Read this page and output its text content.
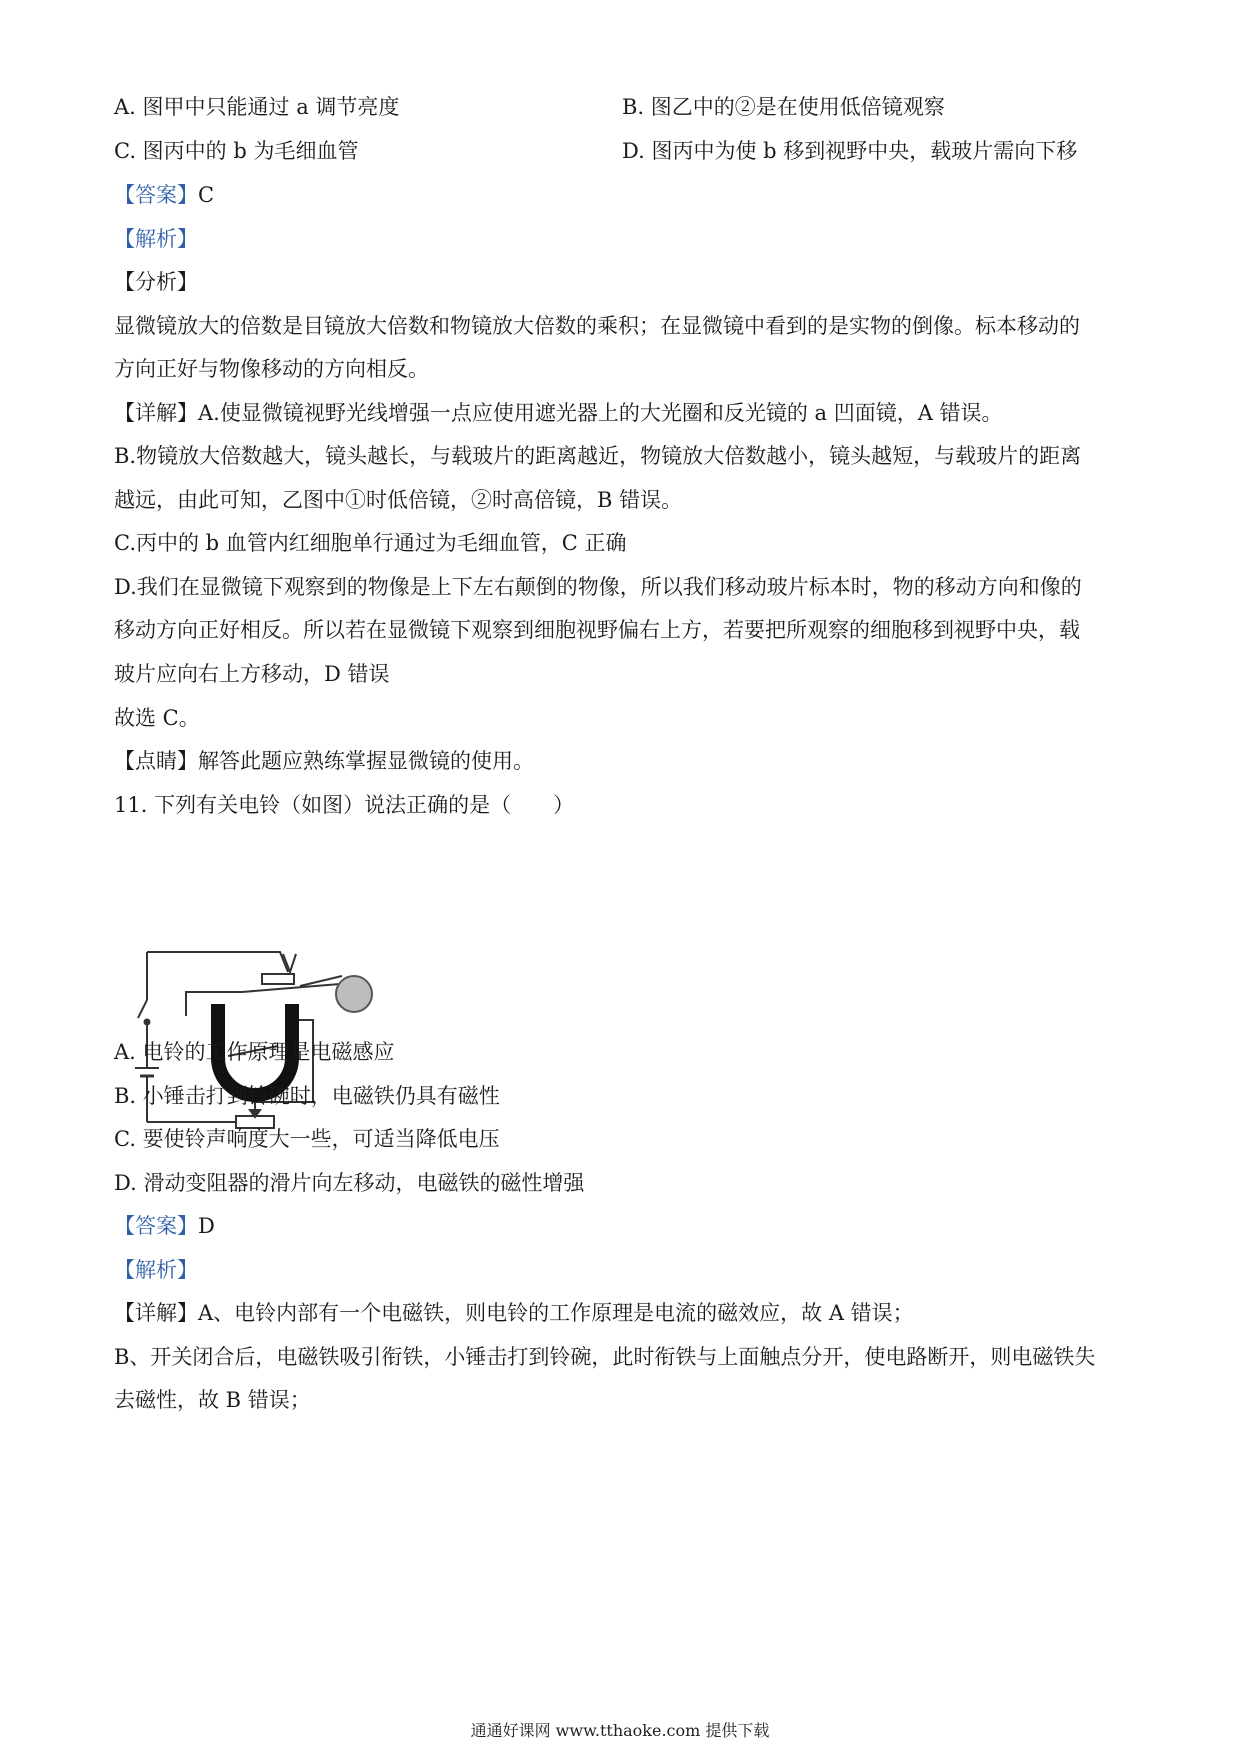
A. 图甲中只能通过 a 调节亮度	B. 图乙中的②是在使用低倍镜观察
C. 图丙中的 b 为毛细血管	D. 图丙中为使 b 移到视野中央，载玻片需向下移
【答案】C
【解析】
【分析】
显微镜放大的倍数是目镜放大倍数和物镜放大倍数的乘积；在显微镜中看到的是实物的倒像。标本移动的
方向正好与物像移动的方向相反。
【详解】A.使显微镜视野光线增强一点应使用遮光器上的大光圈和反光镜的 a 凹面镜，A 错误。
B.物镜放大倍数越大，镜头越长，与载玻片的距离越近，物镜放大倍数越小，镜头越短，与载玻片的距离
越远，由此可知，乙图中①时低倍镜，②时高倍镜，B 错误。
C.丙中的 b 血管内红细胞单行通过为毛细血管，C 正确
D.我们在显微镜下观察到的物像是上下左右颠倒的物像，所以我们移动玻片标本时，物的移动方向和像的
移动方向正好相反。所以若在显微镜下观察到细胞视野偏右上方，若要把所观察的细胞移到视野中央，载
玻片应向右上方移动，D 错误
故选 C。
【点睛】解答此题应熟练掌握显微镜的使用。
11. 下列有关电铃（如图）说法正确的是（　　）
A. 电铃的工作原理是电磁感应
B. 小锤击打到铃碗时，电磁铁仍具有磁性
C. 要使铃声响度大一些，可适当降低电压
D. 滑动变阻器的滑片向左移动，电磁铁的磁性增强
【答案】D
【解析】
【详解】A、电铃内部有一个电磁铁，则电铃的工作原理是电流的磁效应，故 A 错误；
B、开关闭合后，电磁铁吸引衔铁，小锤击打到铃碗，此时衔铁与上面触点分开，使电路断开，则电磁铁失
去磁性，故 B 错误；
通通好课网 www.tthaoke.com 提供下载
